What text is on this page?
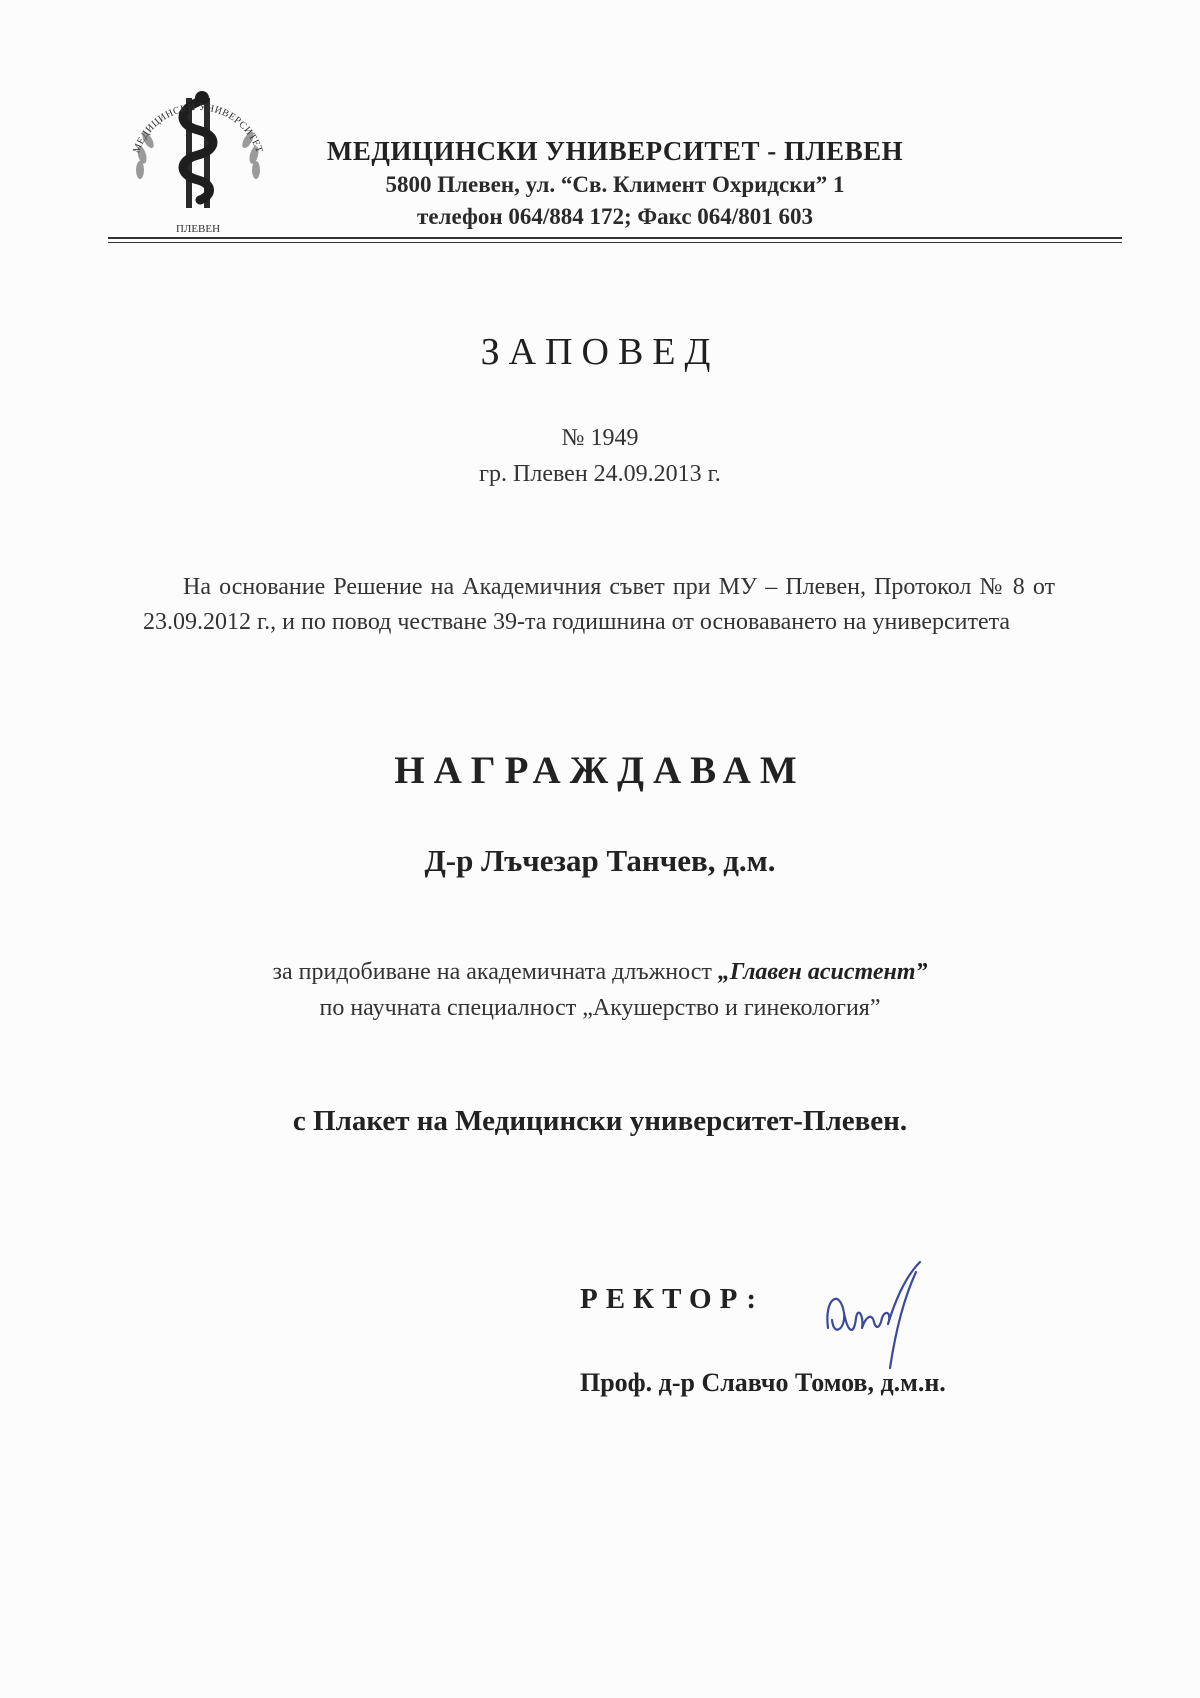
МЕДИЦИНСКИ УНИВЕРСИТЕТ
ПЛЕВЕН
МЕДИЦИНСКИ УНИВЕРСИТЕТ - ПЛЕВЕН
5800 Плевен, ул. “Св. Климент Охридски” 1
телефон 064/884 172; Факс 064/801 603
ЗАПОВЕД
№ 1949
гр. Плевен 24.09.2013 г.
На основание Решение на Академичния съвет при МУ – Плевен, Протокол № 8 от 23.09.2012 г., и по повод честване 39-та годишнина от основаването на университета
НАГРАЖДАВАМ
Д-р Лъчезар Танчев, д.м.
за придобиване на академичната длъжност „Главен асистент”
по научната специалност „Акушерство и гинекология”
с Плакет на Медицински университет-Плевен.
РЕКТОР:
Проф. д-р Славчо Томов, д.м.н.
